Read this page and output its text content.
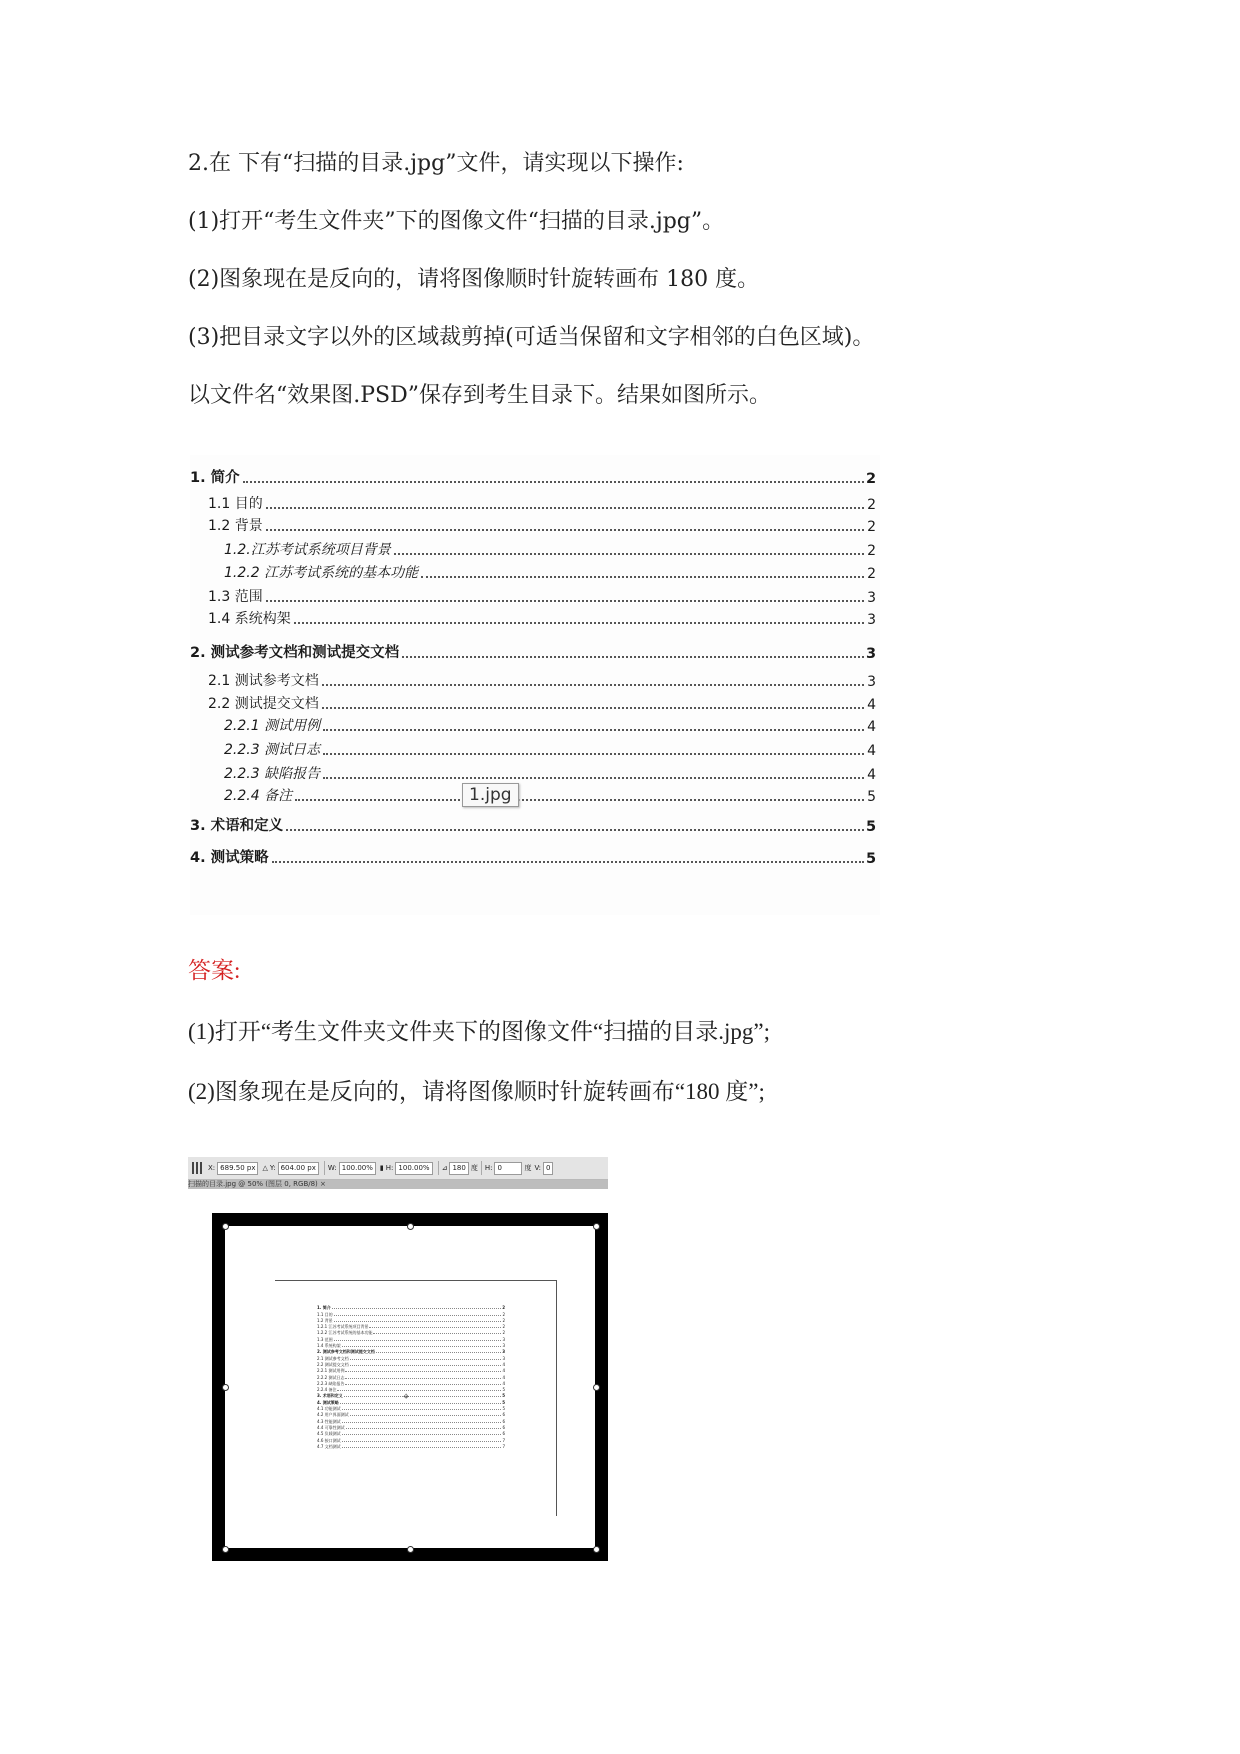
2.在 下有“扫描的目录.jpg”文件，请实现以下操作:
(1)打开“考生文件夹”下的图像文件“扫描的目录.jpg”。
(2)图象现在是反向的，请将图像顺时针旋转画布 180 度。
(3)把目录文字以外的区域裁剪掉(可适当保留和文字相邻的白色区域)。
以文件名“效果图.PSD”保存到考生目录下。结果如图所示。
1. 简介	2
1.1 目的	2
1.2 背景	2
1.2.江苏考试系统项目背景	2
1.2.2 江苏考试系统的基本功能	2
1.3 范围	3
1.4 系统构架	3
2. 测试参考文档和测试提交文档	3
2.1 测试参考文档	3
2.2 测试提交文档	4
2.2.1 测试用例	4
2.2.3 测试日志	4
2.2.3 缺陷报告	4
2.2.4 备注	5
3. 术语和定义	5
4. 测试策略	5
1.jpg
答案:
(1)打开“考生文件夹文件夹下的图像文件“扫描的目录.jpg”;
(2)图象现在是反向的，请将图像顺时针旋转画布“180 度”;
X: 689.50 px	△ Y: 604.00 px	W: 100.00%	▮ H: 100.00%	⊿ 180 度 H: 0	度 V: 0
扫描的目录.jpg @ 50% (图层 0, RGB/8) ×
1. 简介	2
1.1 目的	2
1.2 背景	2
1.2.1 江苏考试系统项目背景	2
1.2.2 江苏考试系统的基本功能	2
1.3 范围	3
1.4 系统构架	3
2. 测试参考文档和测试提交文档	3
2.1 测试参考文档	3
2.2 测试提交文档	4
2.2.1 测试用例	4
2.2.2 测试日志	4
2.2.3 缺陷报告	4
2.2.4 备注	5
3. 术语和定义	5
4. 测试策略	5
4.1 功能测试	5
4.2 用户界面测试	6
4.3 性能测试	6
4.4 可靠性测试	6
4.5 负载测试	6
4.6 接口测试	7
4.7 文档测试	7
⌖
